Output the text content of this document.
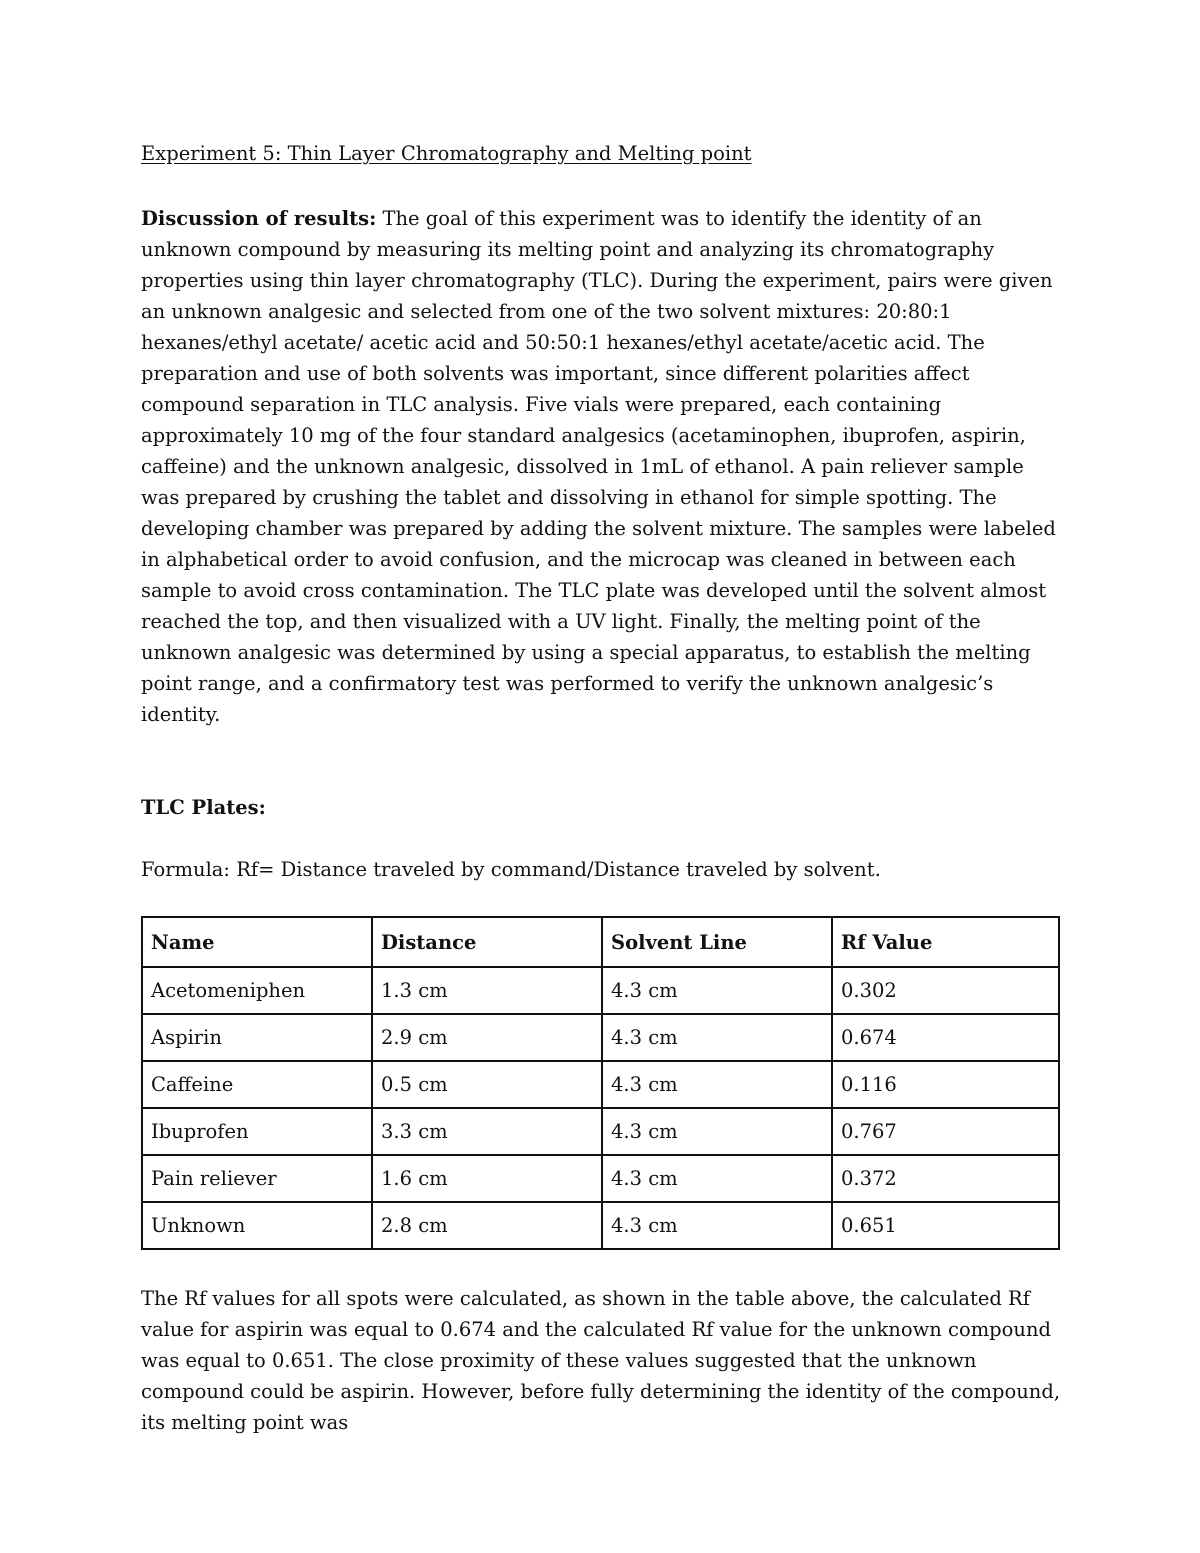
Experiment 5: Thin Layer Chromatography and Melting point

Discussion of results: The goal of this experiment was to identify the identity of an unknown compound by measuring its melting point and analyzing its chromatography properties using thin layer chromatography (TLC). During the experiment, pairs were given an unknown analgesic and selected from one of the two solvent mixtures: 20:80:1 hexanes/ethyl acetate/ acetic acid and 50:50:1 hexanes/ethyl acetate/acetic acid. The preparation and use of both solvents was important, since different polarities affect compound separation in TLC analysis. Five vials were prepared, each containing approximately 10 mg of the four standard analgesics (acetaminophen, ibuprofen, aspirin, caffeine) and the unknown analgesic, dissolved in 1mL of ethanol. A pain reliever sample was prepared by crushing the tablet and dissolving in ethanol for simple spotting. The developing chamber was prepared by adding the solvent mixture. The samples were labeled in alphabetical order to avoid confusion, and the microcap was cleaned in between each sample to avoid cross contamination. The TLC plate was developed until the solvent almost reached the top, and then visualized with a UV light. Finally, the melting point of the unknown analgesic was determined by using a special apparatus, to establish the melting point range, and a confirmatory test was performed to verify the unknown analgesic’s identity.

TLC Plates:

Formula: Rf= Distance traveled by command/Distance traveled by solvent.

Name	Distance	Solvent Line	Rf Value
Acetomeniphen	1.3 cm	4.3 cm	0.302
Aspirin	2.9 cm	4.3 cm	0.674
Caffeine	0.5 cm	4.3 cm	0.116
Ibuprofen	3.3 cm	4.3 cm	0.767
Pain reliever	1.6 cm	4.3 cm	0.372
Unknown	2.8 cm	4.3 cm	0.651

The Rf values for all spots were calculated, as shown in the table above, the calculated Rf value for aspirin was equal to 0.674 and the calculated Rf value for the unknown compound was equal to 0.651. The close proximity of these values suggested that the unknown compound could be aspirin. However, before fully determining the identity of the compound, its melting point was
